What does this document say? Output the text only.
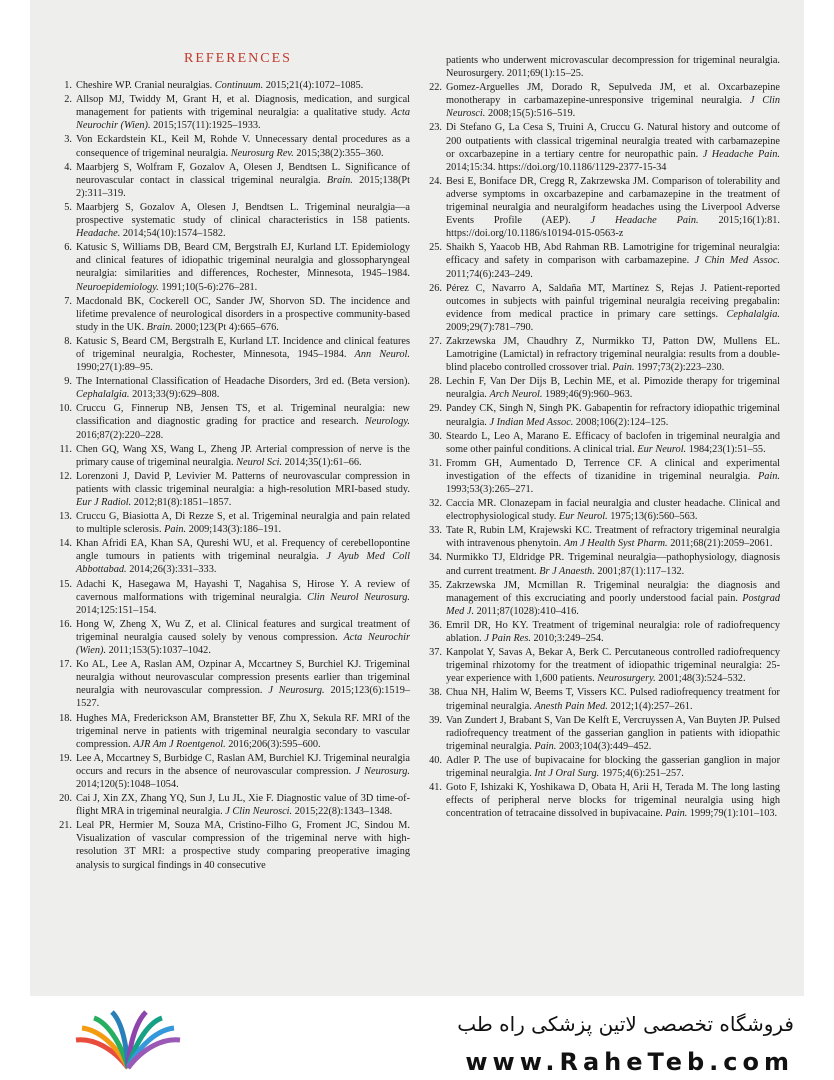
REFERENCES
1. Cheshire WP. Cranial neuralgias. Continuum. 2015;21(4):1072–1085.
2. Allsop MJ, Twiddy M, Grant H, et al. Diagnosis, medication, and surgical management for patients with trigeminal neuralgia: a qualitative study. Acta Neurochir (Wien). 2015;157(11):1925–1933.
3. Von Eckardstein KL, Keil M, Rohde V. Unnecessary dental procedures as a consequence of trigeminal neuralgia. Neurosurg Rev. 2015;38(2):355–360.
4. Maarbjerg S, Wolfram F, Gozalov A, Olesen J, Bendtsen L. Significance of neurovascular contact in classical trigeminal neuralgia. Brain. 2015;138(Pt 2):311–319.
5. Maarbjerg S, Gozalov A, Olesen J, Bendtsen L. Trigeminal neuralgia—a prospective systematic study of clinical characteristics in 158 patients. Headache. 2014;54(10):1574–1582.
6. Katusic S, Williams DB, Beard CM, Bergstralh EJ, Kurland LT. Epidemiology and clinical features of idiopathic trigeminal neuralgia and glossopharyngeal neuralgia: similarities and differences, Rochester, Minnesota, 1945–1984. Neuroepidemiology. 1991;10(5-6):276–281.
7. Macdonald BK, Cockerell OC, Sander JW, Shorvon SD. The incidence and lifetime prevalence of neurological disorders in a prospective community-based study in the UK. Brain. 2000;123(Pt 4):665–676.
8. Katusic S, Beard CM, Bergstralh E, Kurland LT. Incidence and clinical features of trigeminal neuralgia, Rochester, Minnesota, 1945–1984. Ann Neurol. 1990;27(1):89–95.
9. The International Classification of Headache Disorders, 3rd ed. (Beta version). Cephalalgia. 2013;33(9):629–808.
10. Cruccu G, Finnerup NB, Jensen TS, et al. Trigeminal neuralgia: new classification and diagnostic grading for practice and research. Neurology. 2016;87(2):220–228.
11. Chen GQ, Wang XS, Wang L, Zheng JP. Arterial compression of nerve is the primary cause of trigeminal neuralgia. Neurol Sci. 2014;35(1):61–66.
12. Lorenzoni J, David P, Levivier M. Patterns of neurovascular compression in patients with classic trigeminal neuralgia: a high-resolution MRI-based study. Eur J Radiol. 2012;81(8):1851–1857.
13. Cruccu G, Biasiotta A, Di Rezze S, et al. Trigeminal neuralgia and pain related to multiple sclerosis. Pain. 2009;143(3):186–191.
14. Khan Afridi EA, Khan SA, Qureshi WU, et al. Frequency of cerebellopontine angle tumours in patients with trigeminal neuralgia. J Ayub Med Coll Abbottabad. 2014;26(3):331–333.
15. Adachi K, Hasegawa M, Hayashi T, Nagahisa S, Hirose Y. A review of cavernous malformations with trigeminal neuralgia. Clin Neurol Neurosurg. 2014;125:151–154.
16. Hong W, Zheng X, Wu Z, et al. Clinical features and surgical treatment of trigeminal neuralgia caused solely by venous compression. Acta Neurochir (Wien). 2011;153(5):1037–1042.
17. Ko AL, Lee A, Raslan AM, Ozpinar A, Mccartney S, Burchiel KJ. Trigeminal neuralgia without neurovascular compression presents earlier than trigeminal neuralgia with neurovascular compression. J Neurosurg. 2015;123(6):1519–1527.
18. Hughes MA, Frederickson AM, Branstetter BF, Zhu X, Sekula RF. MRI of the trigeminal nerve in patients with trigeminal neuralgia secondary to vascular compression. AJR Am J Roentgenol. 2016;206(3):595–600.
19. Lee A, Mccartney S, Burbidge C, Raslan AM, Burchiel KJ. Trigeminal neuralgia occurs and recurs in the absence of neurovascular compression. J Neurosurg. 2014;120(5):1048–1054.
20. Cai J, Xin ZX, Zhang YQ, Sun J, Lu JL, Xie F. Diagnostic value of 3D time-of-flight MRA in trigeminal neuralgia. J Clin Neurosci. 2015;22(8):1343–1348.
21. Leal PR, Hermier M, Souza MA, Cristino-Filho G, Froment JC, Sindou M. Visualization of vascular compression of the trigeminal nerve with high-resolution 3T MRI: a prospective study comparing preoperative imaging analysis to surgical findings in 40 consecutive
patients who underwent microvascular decompression for trigeminal neuralgia. Neurosurgery. 2011;69(1):15–25.
22. Gomez-Arguelles JM, Dorado R, Sepulveda JM, et al. Oxcarbazepine monotherapy in carbamazepine-unresponsive trigeminal neuralgia. J Clin Neurosci. 2008;15(5):516–519.
23. Di Stefano G, La Cesa S, Truini A, Cruccu G. Natural history and outcome of 200 outpatients with classical trigeminal neuralgia treated with carbamazepine or oxcarbazepine in a tertiary centre for neuropathic pain. J Headache Pain. 2014;15:34. https://doi.org/10.1186/1129-2377-15-34
24. Besi E, Boniface DR, Cregg R, Zakrzewska JM. Comparison of tolerability and adverse symptoms in oxcarbazepine and carbamazepine in the treatment of trigeminal neuralgia and neuralgiform headaches using the Liverpool Adverse Events Profile (AEP). J Headache Pain. 2015;16(1):81. https://doi.org/10.1186/s10194-015-0563-z
25. Shaikh S, Yaacob HB, Abd Rahman RB. Lamotrigine for trigeminal neuralgia: efficacy and safety in comparison with carbamazepine. J Chin Med Assoc. 2011;74(6):243–249.
26. Pérez C, Navarro A, Saldaña MT, Martínez S, Rejas J. Patient-reported outcomes in subjects with painful trigeminal neuralgia receiving pregabalin: evidence from medical practice in primary care settings. Cephalalgia. 2009;29(7):781–790.
27. Zakrzewska JM, Chaudhry Z, Nurmikko TJ, Patton DW, Mullens EL. Lamotrigine (Lamictal) in refractory trigeminal neuralgia: results from a double-blind placebo controlled crossover trial. Pain. 1997;73(2):223–230.
28. Lechin F, Van Der Dijs B, Lechin ME, et al. Pimozide therapy for trigeminal neuralgia. Arch Neurol. 1989;46(9):960–963.
29. Pandey CK, Singh N, Singh PK. Gabapentin for refractory idiopathic trigeminal neuralgia. J Indian Med Assoc. 2008;106(2):124–125.
30. Steardo L, Leo A, Marano E. Efficacy of baclofen in trigeminal neuralgia and some other painful conditions. A clinical trial. Eur Neurol. 1984;23(1):51–55.
31. Fromm GH, Aumentado D, Terrence CF. A clinical and experimental investigation of the effects of tizanidine in trigeminal neuralgia. Pain. 1993;53(3):265–271.
32. Caccia MR. Clonazepam in facial neuralgia and cluster headache. Clinical and electrophysiological study. Eur Neurol. 1975;13(6):560–563.
33. Tate R, Rubin LM, Krajewski KC. Treatment of refractory trigeminal neuralgia with intravenous phenytoin. Am J Health Syst Pharm. 2011;68(21):2059–2061.
34. Nurmikko TJ, Eldridge PR. Trigeminal neuralgia—pathophysiology, diagnosis and current treatment. Br J Anaesth. 2001;87(1):117–132.
35. Zakrzewska JM, Mcmillan R. Trigeminal neuralgia: the diagnosis and management of this excruciating and poorly understood facial pain. Postgrad Med J. 2011;87(1028):410–416.
36. Emril DR, Ho KY. Treatment of trigeminal neuralgia: role of radiofrequency ablation. J Pain Res. 2010;3:249–254.
37. Kanpolat Y, Savas A, Bekar A, Berk C. Percutaneous controlled radiofrequency trigeminal rhizotomy for the treatment of idiopathic trigeminal neuralgia: 25-year experience with 1,600 patients. Neurosurgery. 2001;48(3):524–532.
38. Chua NH, Halim W, Beems T, Vissers KC. Pulsed radiofrequency treatment for trigeminal neuralgia. Anesth Pain Med. 2012;1(4):257–261.
39. Van Zundert J, Brabant S, Van De Kelft E, Vercruyssen A, Van Buyten JP. Pulsed radiofrequency treatment of the gasserian ganglion in patients with idiopathic trigeminal neuralgia. Pain. 2003;104(3):449–452.
40. Adler P. The use of bupivacaine for blocking the gasserian ganglion in major trigeminal neuralgia. Int J Oral Surg. 1975;4(6):251–257.
41. Goto F, Ishizaki K, Yoshikawa D, Obata H, Arii H, Terada M. The long lasting effects of peripheral nerve blocks for trigeminal neuralgia using high concentration of tetracaine dissolved in bupivacaine. Pain. 1999;79(1):101–103.
فروشگاه تخصصی لاتین پزشکی راه طب
www.RaheTeb.com
